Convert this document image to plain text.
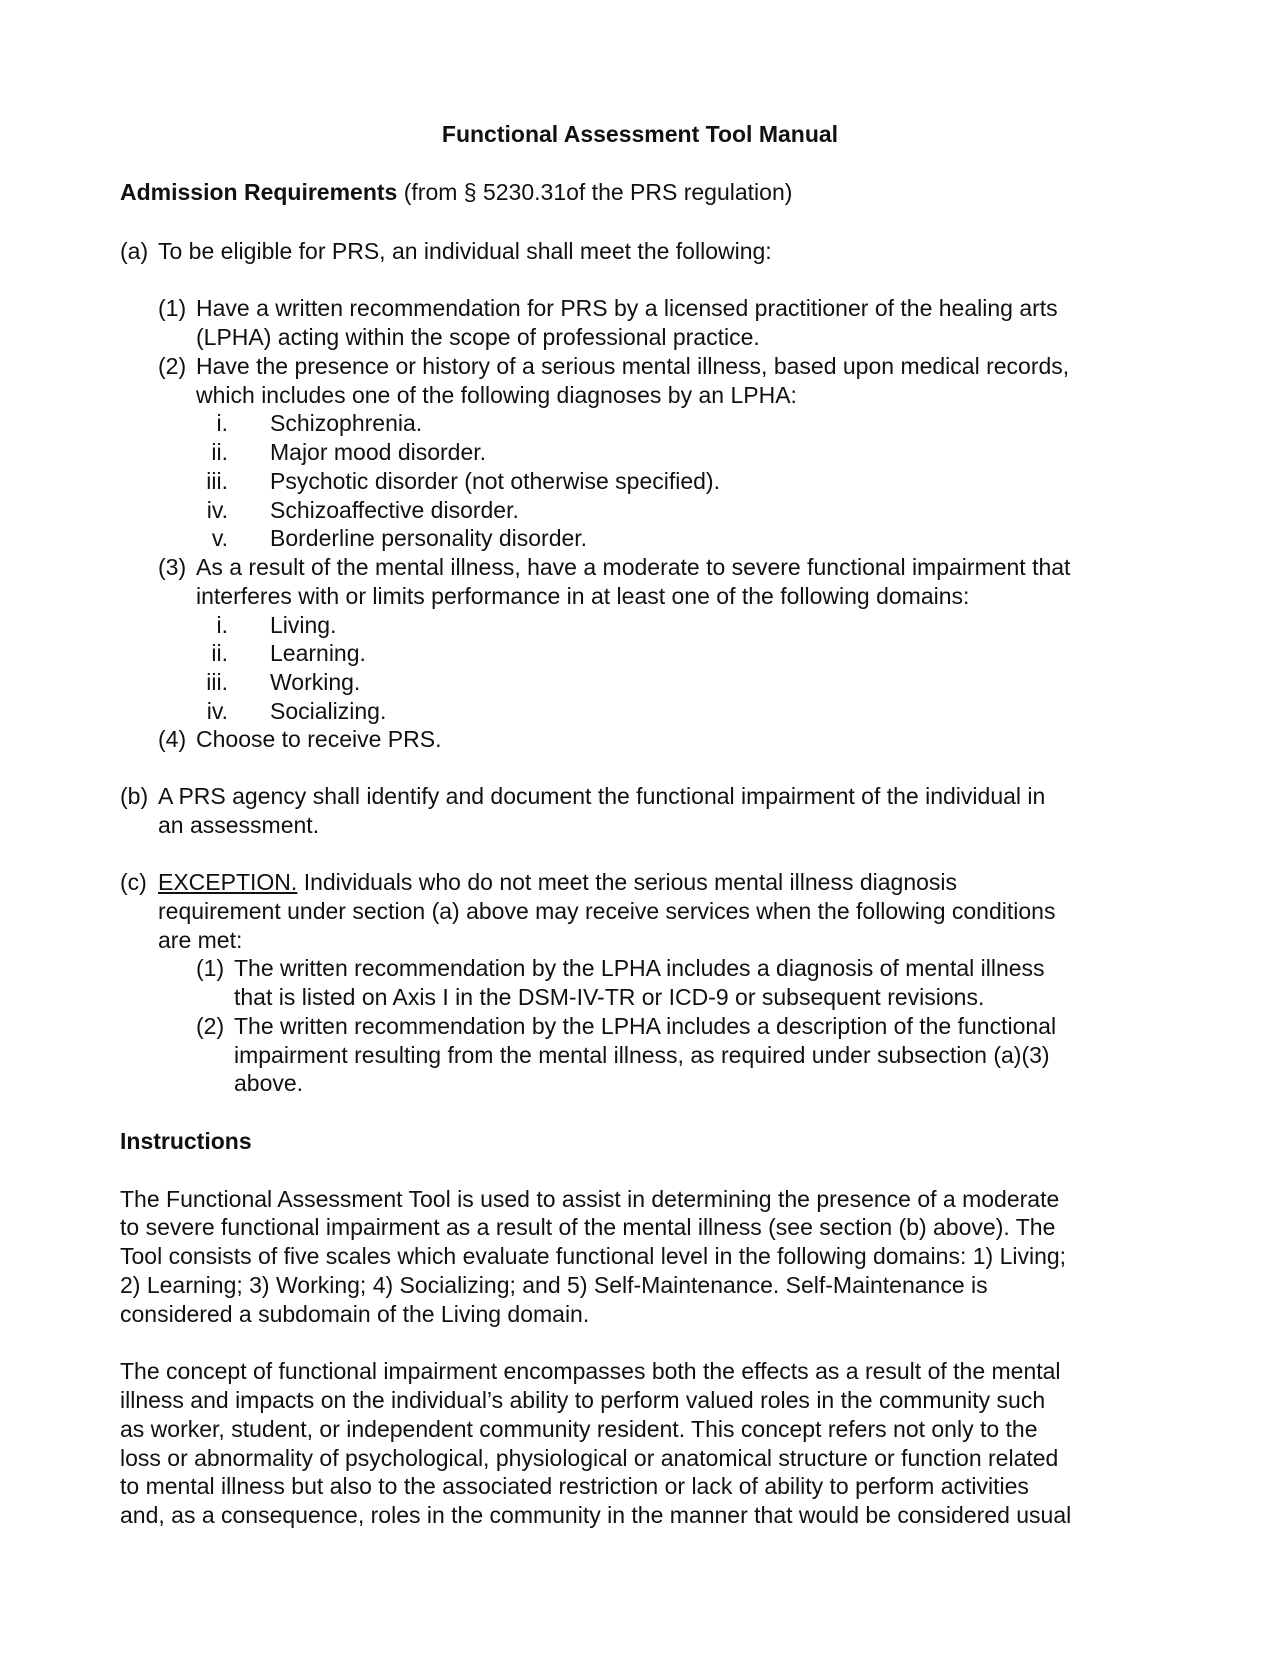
Functional Assessment Tool Manual
Admission Requirements (from § 5230.31of the PRS regulation)
(a) To be eligible for PRS, an individual shall meet the following:
(1) Have a written recommendation for PRS by a licensed practitioner of the healing arts
(LPHA) acting within the scope of professional practice.
(2) Have the presence or history of a serious mental illness, based upon medical records,
which includes one of the following diagnoses by an LPHA:
i. Schizophrenia.
ii. Major mood disorder.
iii. Psychotic disorder (not otherwise specified).
iv. Schizoaffective disorder.
v. Borderline personality disorder.
(3) As a result of the mental illness, have a moderate to severe functional impairment that
interferes with or limits performance in at least one of the following domains:
i. Living.
ii. Learning.
iii. Working.
iv. Socializing.
(4) Choose to receive PRS.
(b) A PRS agency shall identify and document the functional impairment of the individual in
an assessment.
(c) EXCEPTION. Individuals who do not meet the serious mental illness diagnosis
requirement under section (a) above may receive services when the following conditions
are met:
(1) The written recommendation by the LPHA includes a diagnosis of mental illness
that is listed on Axis I in the DSM-IV-TR or ICD-9 or subsequent revisions.
(2) The written recommendation by the LPHA includes a description of the functional
impairment resulting from the mental illness, as required under subsection (a)(3)
above.
Instructions
The Functional Assessment Tool is used to assist in determining the presence of a moderate
to severe functional impairment as a result of the mental illness (see section (b) above). The
Tool consists of five scales which evaluate functional level in the following domains: 1) Living;
2) Learning; 3) Working; 4) Socializing; and 5) Self-Maintenance. Self-Maintenance is
considered a subdomain of the Living domain.
The concept of functional impairment encompasses both the effects as a result of the mental
illness and impacts on the individual’s ability to perform valued roles in the community such
as worker, student, or independent community resident. This concept refers not only to the
loss or abnormality of psychological, physiological or anatomical structure or function related
to mental illness but also to the associated restriction or lack of ability to perform activities
and, as a consequence, roles in the community in the manner that would be considered usual
